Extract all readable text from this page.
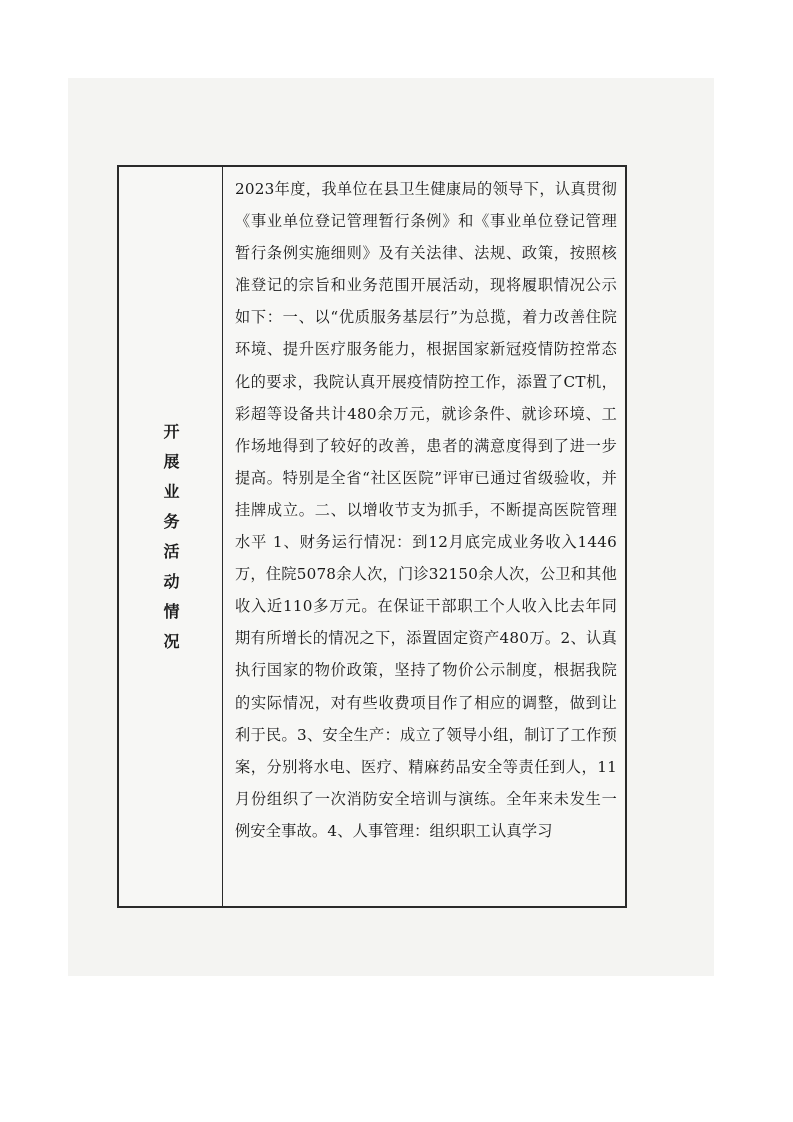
开展业务活动情况
2023年度，我单位在县卫生健康局的领导下，认真贯彻《事业单位登记管理暂行条例》和《事业单位登记管理暂行条例实施细则》及有关法律、法规、政策，按照核准登记的宗旨和业务范围开展活动，现将履职情况公示如下：一、以“优质服务基层行”为总揽，着力改善住院环境、提升医疗服务能力，根据国家新冠疫情防控常态化的要求，我院认真开展疫情防控工作，添置了CT机，彩超等设备共计480余万元，就诊条件、就诊环境、工作场地得到了较好的改善，患者的满意度得到了进一步提高。特别是全省“社区医院”评审已通过省级验收，并挂牌成立。二、以增收节支为抓手，不断提高医院管理水平 1、财务运行情况：到12月底完成业务收入1446万，住院5078余人次，门诊32150余人次，公卫和其他收入近110多万元。在保证干部职工个人收入比去年同期有所增长的情况之下，添置固定资产480万。2、认真执行国家的物价政策，坚持了物价公示制度，根据我院的实际情况，对有些收费项目作了相应的调整，做到让利于民。3、安全生产：成立了领导小组，制订了工作预案，分别将水电、医疗、精麻药品安全等责任到人，11月份组织了一次消防安全培训与演练。全年来未发生一例安全事故。4、人事管理：组织职工认真学习
